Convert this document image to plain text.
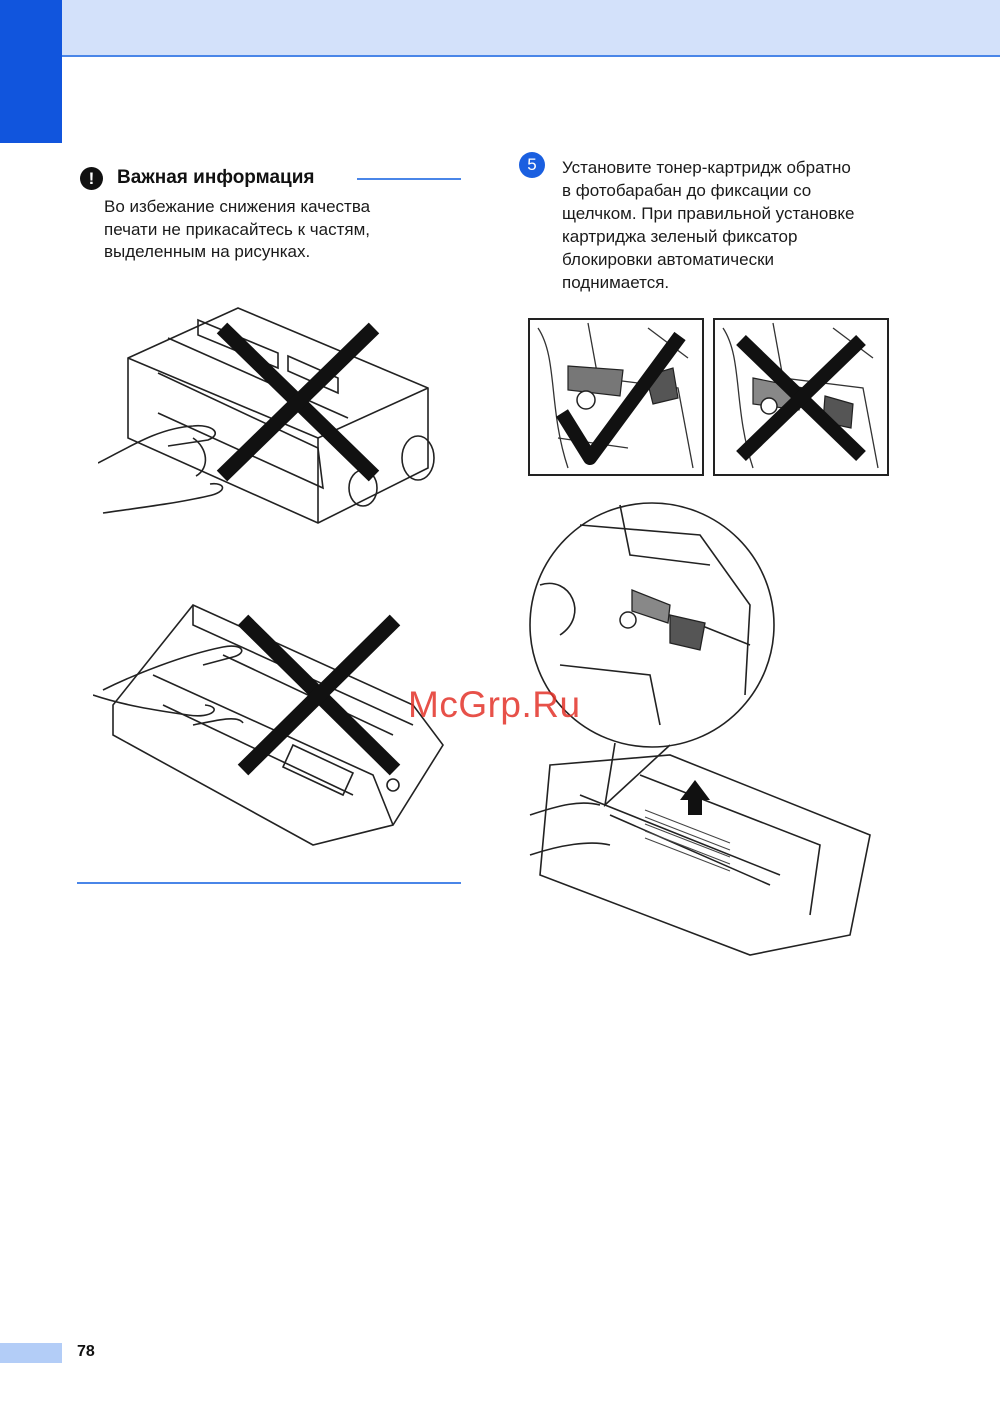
!	Важная информация
Во избежание снижения качества
печати не прикасайтесь к частям,
выделенным на рисунках.
5	Установите тонер-картридж обратно
в фотобарабан до фиксации со
щелчком. При правильной установке
картриджа зеленый фиксатор
блокировки автоматически
поднимается.
McGrp.Ru
78
